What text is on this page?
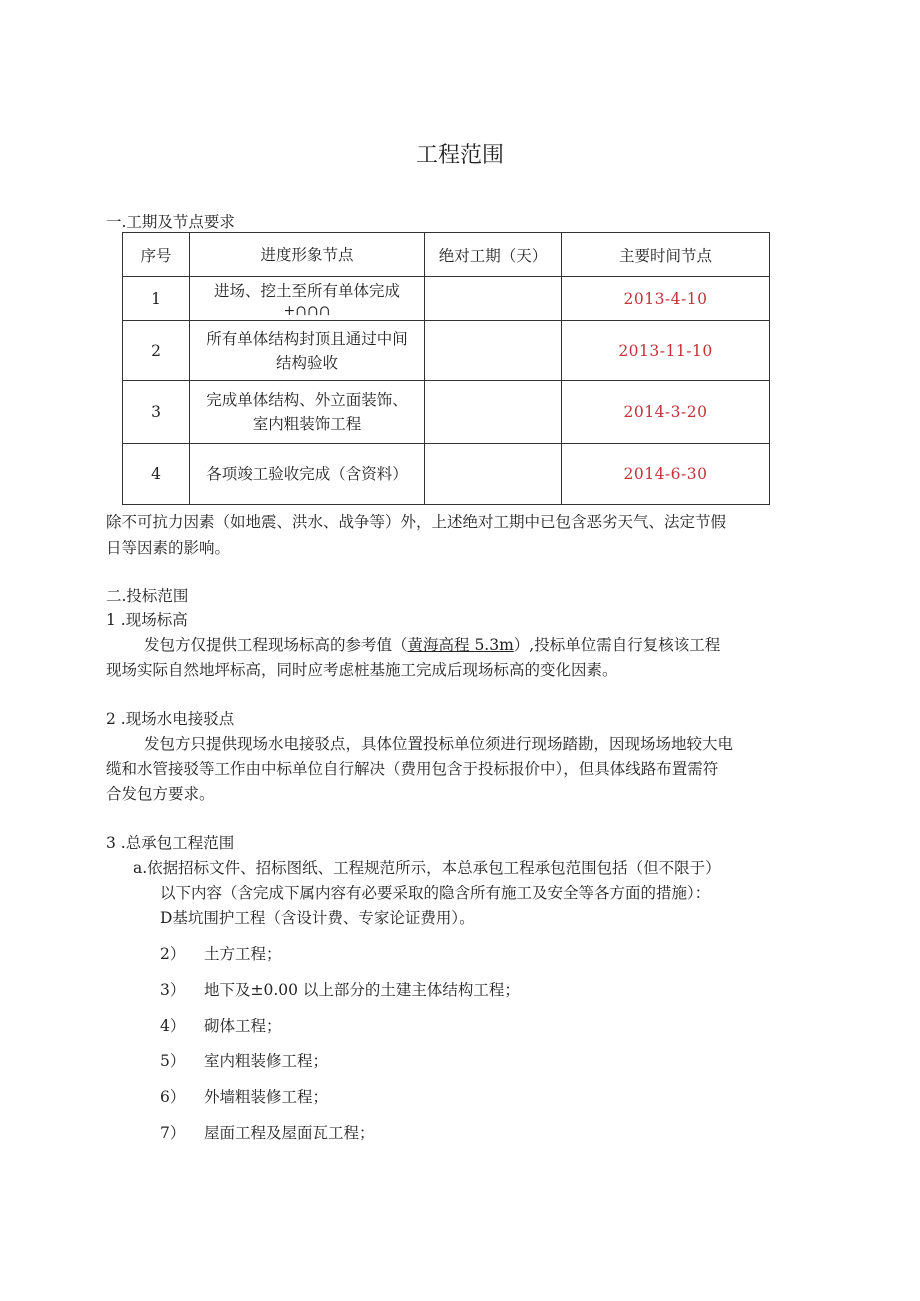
工程范围
一.工期及节点要求
序号	进度形象节点	绝对工期（天）	主要时间节点
1	进场、挖土至所有单体完成
+∩∩∩		2013-4-10
2	所有单体结构封顶且通过中间
结构验收		2013-11-10
3	完成单体结构、外立面装饰、
室内粗装饰工程		2014-3-20
4	各项竣工验收完成（含资料）		2014-6-30
除不可抗力因素（如地震、洪水、战争等）外，上述绝对工期中已包含恶劣天气、法定节假
日等因素的影响。
二.投标范围
1 .现场标高
发包方仅提供工程现场标高的参考值（黄海高程 5.3m）,投标单位需自行复核该工程
现场实际自然地坪标高，同时应考虑桩基施工完成后现场标高的变化因素。
2 .现场水电接驳点
发包方只提供现场水电接驳点，具体位置投标单位须进行现场踏勘，因现场场地较大电
缆和水管接驳等工作由中标单位自行解决（费用包含于投标报价中），但具体线路布置需符
合发包方要求。
3 .总承包工程范围
a.依据招标文件、招标图纸、工程规范所示，本总承包工程承包范围包括（但不限于）
以下内容（含完成下属内容有必要采取的隐含所有施工及安全等各方面的措施）：
D基坑围护工程（含设计费、专家论证费用）。
2） 土方工程；
3） 地下及±0.00 以上部分的土建主体结构工程；
4） 砌体工程；
5） 室内粗装修工程；
6） 外墙粗装修工程；
7） 屋面工程及屋面瓦工程；
